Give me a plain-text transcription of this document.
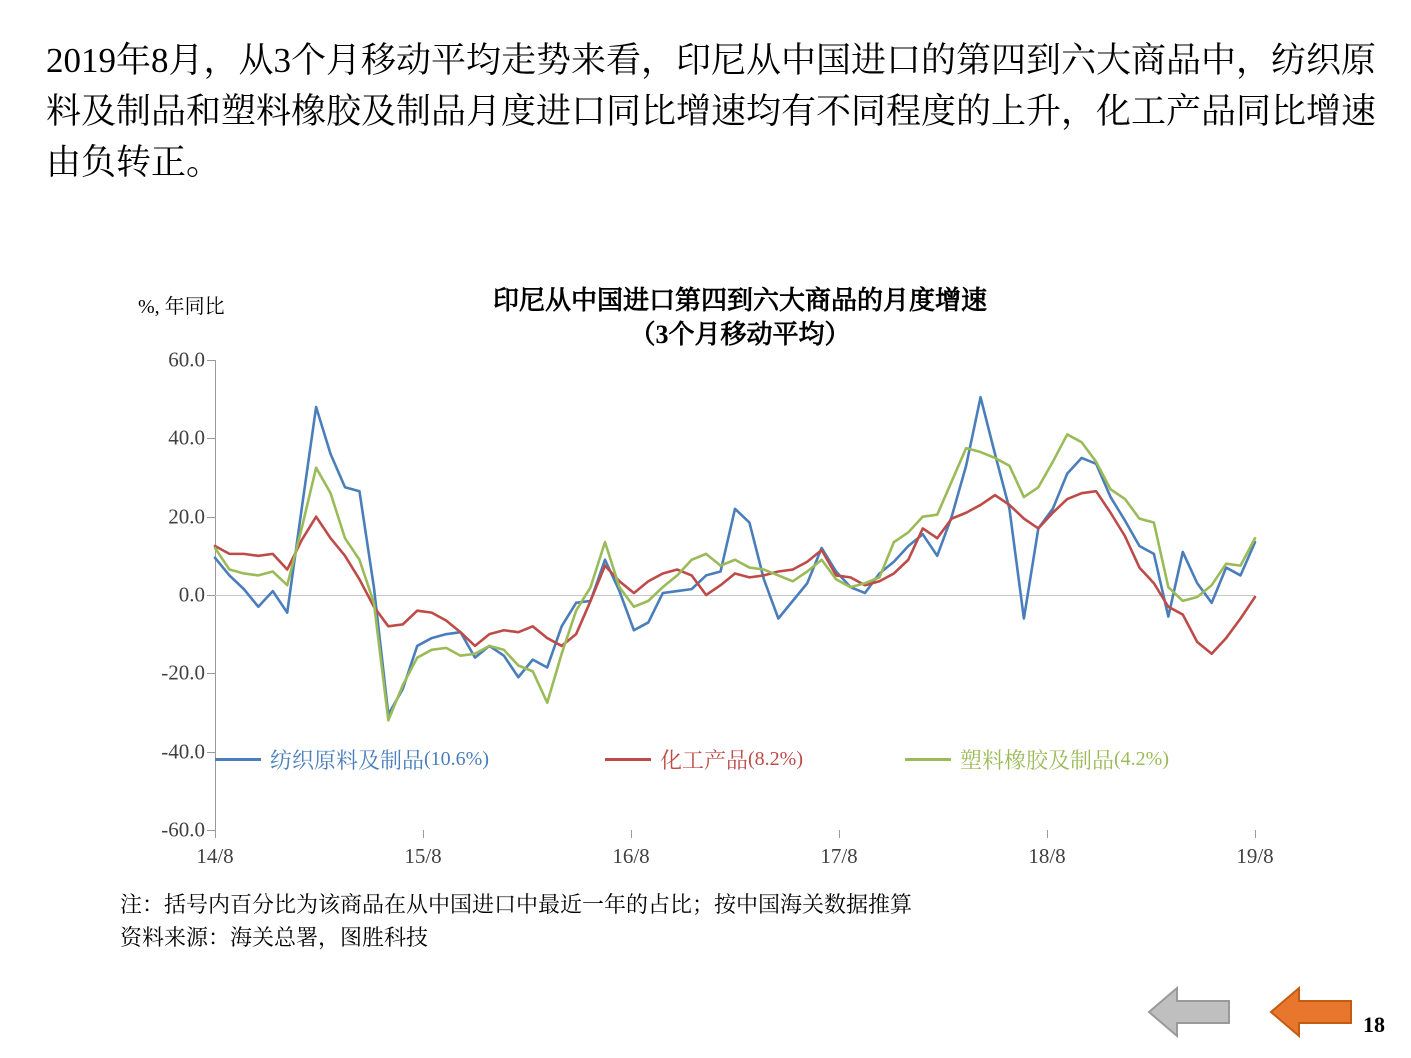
2019年8月，从3个月移动平均走势来看，印尼从中国进口的第四到六大商品中，纺织原料及制品和塑料橡胶及制品月度进口同比增速均有不同程度的上升，化工产品同比增速由负转正。
%, 年同比	印尼从中国进口第四到六大商品的月度增速
（3个月移动平均）
60.0
40.0
20.0
0.0
-20.0
-40.0
-60.0
14/8	15/8	16/8	17/8	18/8	19/8
纺织原料及制品 (10.6%)	化工产品 (8.2%)	塑料橡胶及制品 (4.2%)
注：括号内百分比为该商品在从中国进口中最近一年的占比；按中国海关数据推算
资料来源：海关总署，图胜科技
18
